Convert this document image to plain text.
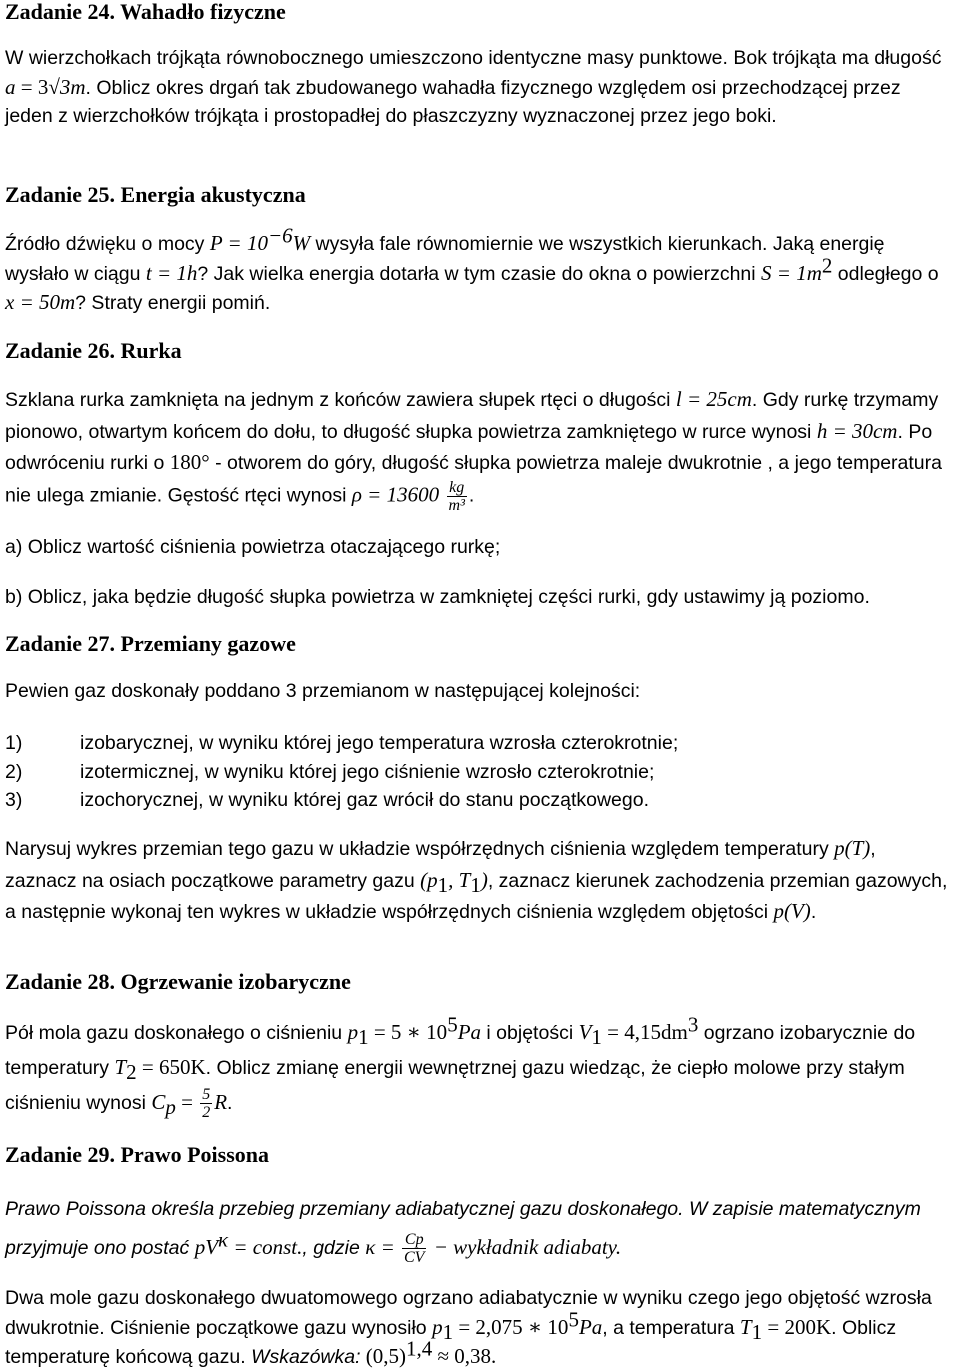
Zadanie 24. Wahadło fizyczne
W wierzchołkach trójkąta równobocznego umieszczono identyczne masy punktowe. Bok trójkąta ma długość a = 3√3m. Oblicz okres drgań tak zbudowanego wahadła fizycznego względem osi przechodzącej przez jeden z wierzchołków trójkąta i prostopadłej do płaszczyzny wyznaczonej przez jego boki.
Zadanie 25. Energia akustyczna
Źródło dźwięku o mocy $P = 10^{-6}W$ wysyła fale równomiernie we wszystkich kierunkach. Jaką energię wysłało w ciągu t = 1h? Jak wielka energia dotarła w tym czasie do okna o powierzchni $S = 1m^2$ odległego o x = 50m? Straty energii pomiń.
Zadanie 26. Rurka
Szklana rurka zamknięta na jednym z końców zawiera słupek rtęci o długości l = 25cm. Gdy rurkę trzymamy pionowo, otwartym końcem do dołu, to długość słupka powietrza zamkniętego w rurce wynosi h = 30cm. Po odwróceniu rurki o 180° - otworem do góry, długość słupka powietrza maleje dwukrotnie , a jego temperatura nie ulega zmianie. Gęstość rtęci wynosi $\rho = 13600 \frac{kg}{\text{m³}}$ .
a) Oblicz wartość ciśnienia powietrza otaczającego rurkę;
b) Oblicz, jaka będzie długość słupka powietrza w zamkniętej części rurki, gdy ustawimy ją poziomo.
Zadanie 27. Przemiany gazowe
Pewien gaz doskonały poddano 3 przemianom w następującej kolejności:
1)	izobarycznej, w wyniku której jego temperatura wzrosła czterokrotnie;
2)	izotermicznej, w wyniku której jego ciśnienie wzrosło czterokrotnie;
3)	izochorycznej, w wyniku której gaz wrócił do stanu początkowego.
Narysuj wykres przemian tego gazu w układzie współrzędnych ciśnienia względem temperatury p(T), zaznacz na osiach początkowe parametry gazu ($p_1$, $T_1$), zaznacz kierunek zachodzenia przemian gazowych, a następnie wykonaj ten wykres w układzie współrzędnych ciśnienia względem objętości p(V).
Zadanie 28. Ogrzewanie izobaryczne
Pół mola gazu doskonałego o ciśnieniu $p_1 = 5$ ∗ $10^5Pa$ i objętości $V_1 = 4,15dm^3$ ogrzano izobarycznie do temperatury $T_2 = 650K$. Oblicz zmianę energii wewnętrznej gazu wiedząc, że ciepło molowe przy stałym ciśnieniu wynosi $C_p = \frac{5}{2} R$.
Zadanie 29. Prawo Poissona
Prawo Poissona określa przebieg przemiany adiabatycznej gazu doskonałego. W zapisie matematycznym przyjmuje ono postać $pV^\kappa$ = const., gdzie $\kappa = \frac{Cp}{CV}$ − wykładnik adiabaty.
Dwa mole gazu doskonałego dwuatomowego ogrzano adiabatycznie w wyniku czego jego objętość wzrosła dwukrotnie. Ciśnienie początkowe gazu wynosiło $p_1 = 2,075$ ∗ $10^5Pa$, a temperatura $T_1 = 200K$. Oblicz temperaturę końcową gazu. Wskazówka: $(0,5)^{1,4} \approx 0,38$.
